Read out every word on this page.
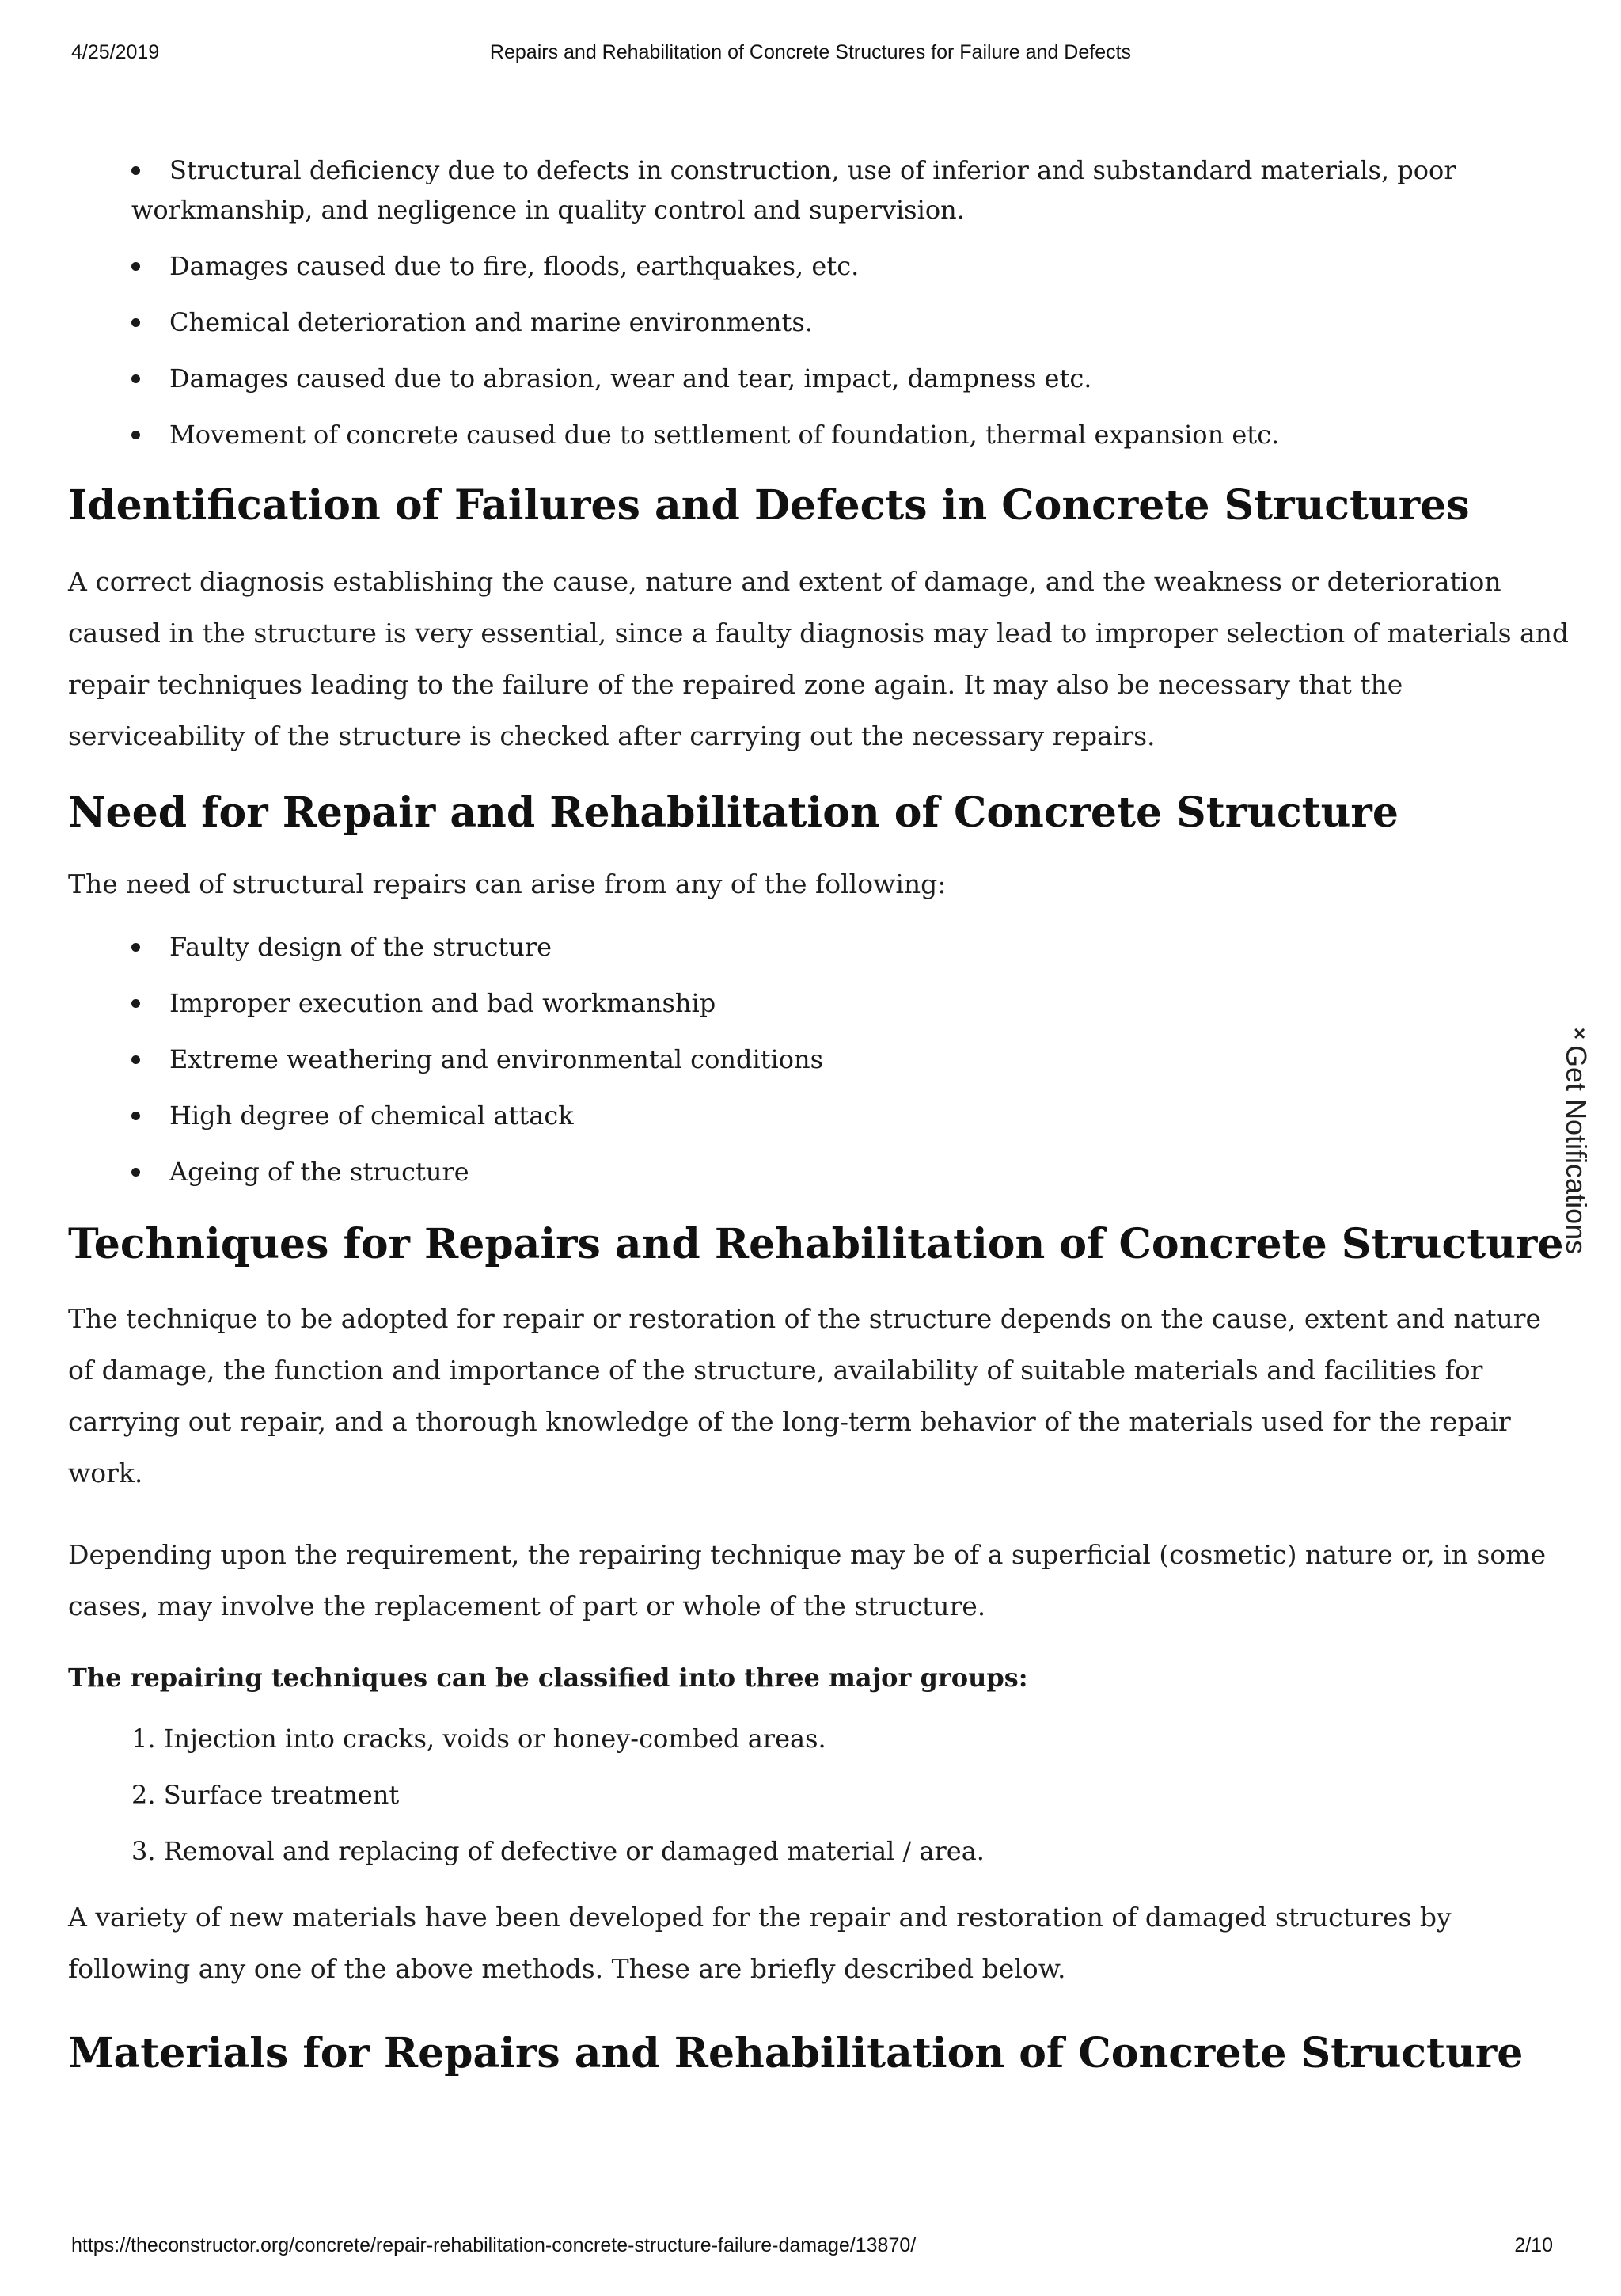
4/25/2019	Repairs and Rehabilitation of Concrete Structures for Failure and Defects
Structural deficiency due to defects in construction, use of inferior and substandard materials, poor workmanship, and negligence in quality control and supervision.
Damages caused due to fire, floods, earthquakes, etc.
Chemical deterioration and marine environments.
Damages caused due to abrasion, wear and tear, impact, dampness etc.
Movement of concrete caused due to settlement of foundation, thermal expansion etc.
Identification of Failures and Defects in Concrete Structures

A correct diagnosis establishing the cause, nature and extent of damage, and the weakness or deterioration caused in the structure is very essential, since a faulty diagnosis may lead to improper selection of materials and repair techniques leading to the failure of the repaired zone again. It may also be necessary that the serviceability of the structure is checked after carrying out the necessary repairs.

Need for Repair and Rehabilitation of Concrete Structure

The need of structural repairs can arise from any of the following:

Faulty design of the structure
Improper execution and bad workmanship
Extreme weathering and environmental conditions
High degree of chemical attack
Ageing of the structure
Techniques for Repairs and Rehabilitation of Concrete Structure

The technique to be adopted for repair or restoration of the structure depends on the cause, extent and nature of damage, the function and importance of the structure, availability of suitable materials and facilities for carrying out repair, and a thorough knowledge of the long-term behavior of the materials used for the repair work.

Depending upon the requirement, the repairing technique may be of a superficial (cosmetic) nature or, in some cases, may involve the replacement of part or whole of the structure.

The repairing techniques can be classified into three major groups:

1. Injection into cracks, voids or honey-combed areas.
2. Surface treatment
3. Removal and replacing of defective or damaged material / area.

A variety of new materials have been developed for the repair and restoration of damaged structures by following any one of the above methods. These are briefly described below.

Materials for Repairs and Rehabilitation of Concrete Structure
×
Get Notifications
https://theconstructor.org/concrete/repair-rehabilitation-concrete-structure-failure-damage/13870/	2/10
